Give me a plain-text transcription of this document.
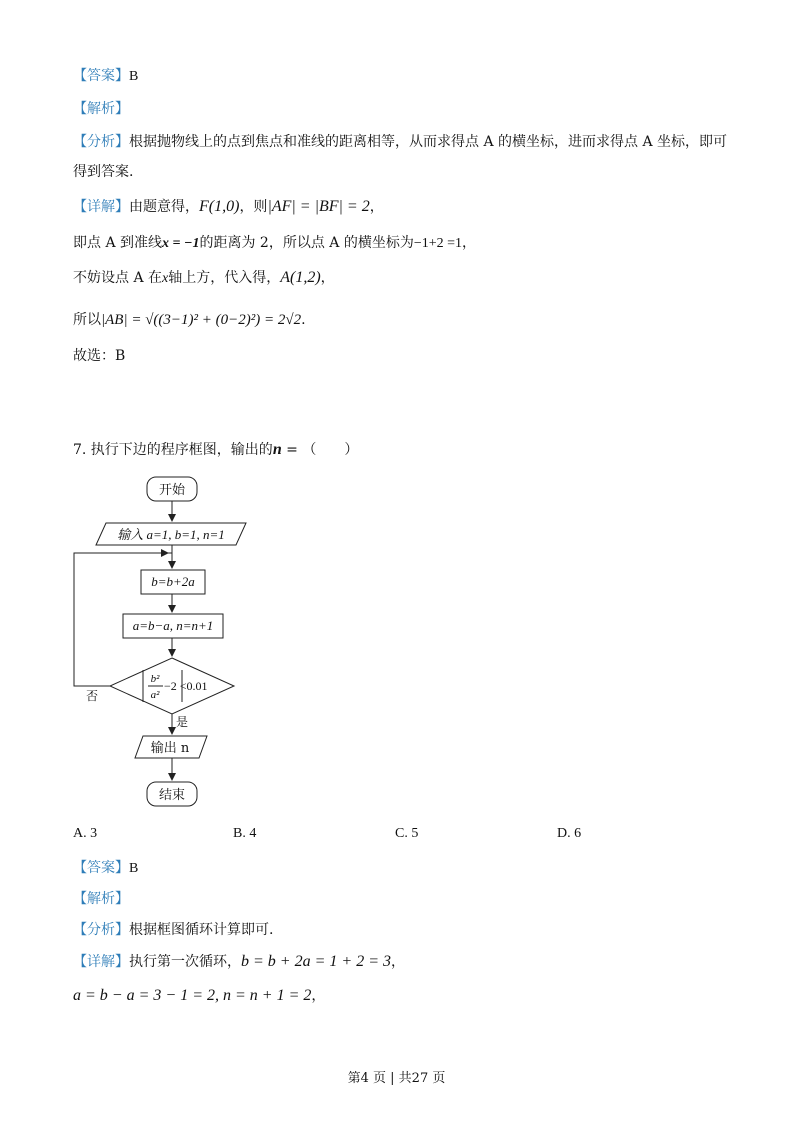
【答案】B
【解析】
【分析】根据抛物线上的点到焦点和准线的距离相等，从而求得点 A 的横坐标，进而求得点 A 坐标，即可
得到答案.
【详解】由题意得，F(1,0)，则|AF| = |BF| = 2，
即点 A 到准线x = −1的距离为 2，所以点 A 的横坐标为−1+2 =1，
不妨设点 A 在x轴上方，代入得，A(1,2)，
所以|AB| = √((3−1)² + (0−2)²) = 2√2.
故选：B
7. 执行下边的程序框图，输出的n = （　　）
开始
输入 a=1, b=1, n=1
b=b+2a
a=b−a, n=n+1
b²
a²
−2 <0.01
否
是
输出 n
结束
A. 3	B. 4	C. 5	D. 6
【答案】B
【解析】
【分析】根据框图循环计算即可.
【详解】执行第一次循环，b = b + 2a = 1 + 2 = 3，
a = b − a = 3 − 1 = 2, n = n + 1 = 2，
第4 页 | 共27 页
